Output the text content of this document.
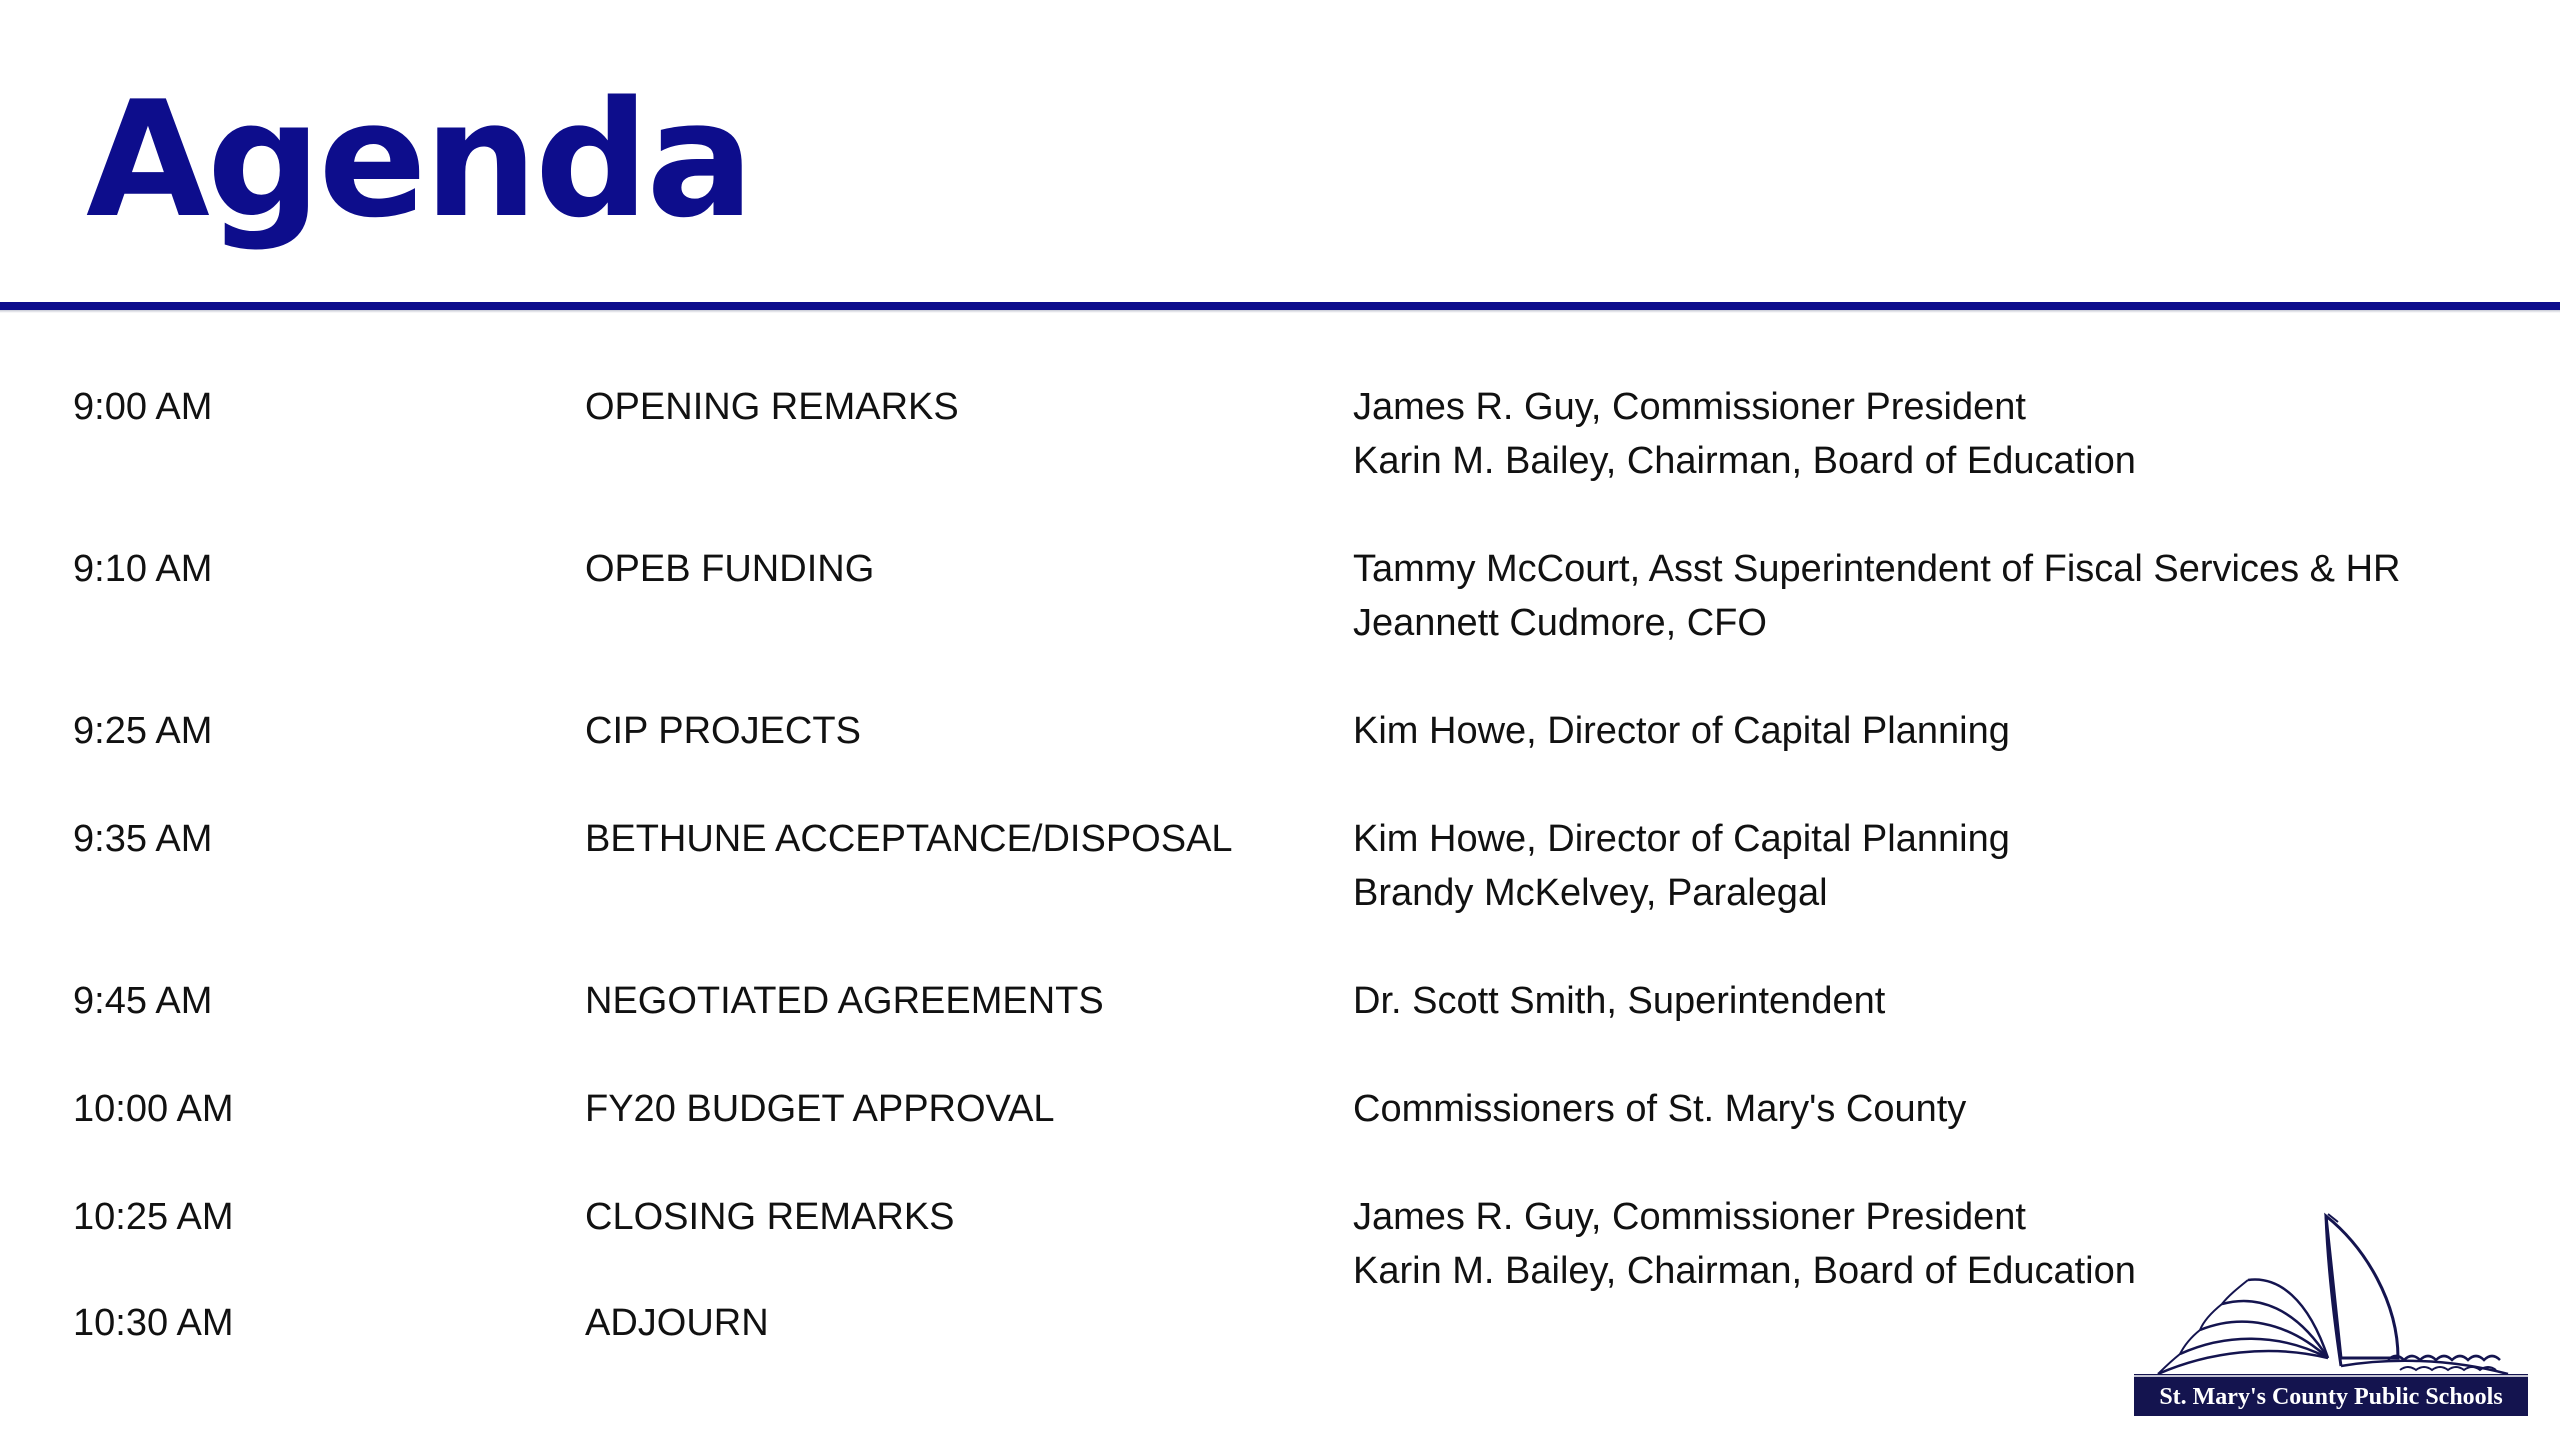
Agenda
9:00 AM	OPENING REMARKS	James R. Guy, Commissioner President
Karin M. Bailey, Chairman, Board of Education
9:10 AM	OPEB FUNDING	Tammy McCourt, Asst Superintendent of Fiscal Services & HR
Jeannett Cudmore, CFO
9:25 AM	CIP PROJECTS	Kim Howe, Director of Capital Planning
9:35 AM	BETHUNE ACCEPTANCE/DISPOSAL	Kim Howe, Director of Capital Planning
Brandy McKelvey, Paralegal
9:45 AM	NEGOTIATED AGREEMENTS	Dr. Scott Smith, Superintendent
10:00 AM	FY20 BUDGET APPROVAL	Commissioners of St. Mary's County
10:25 AM	CLOSING REMARKS	James R. Guy, Commissioner President
Karin M. Bailey, Chairman, Board of Education
10:30 AM	ADJOURN
St. Mary's County Public Schools
